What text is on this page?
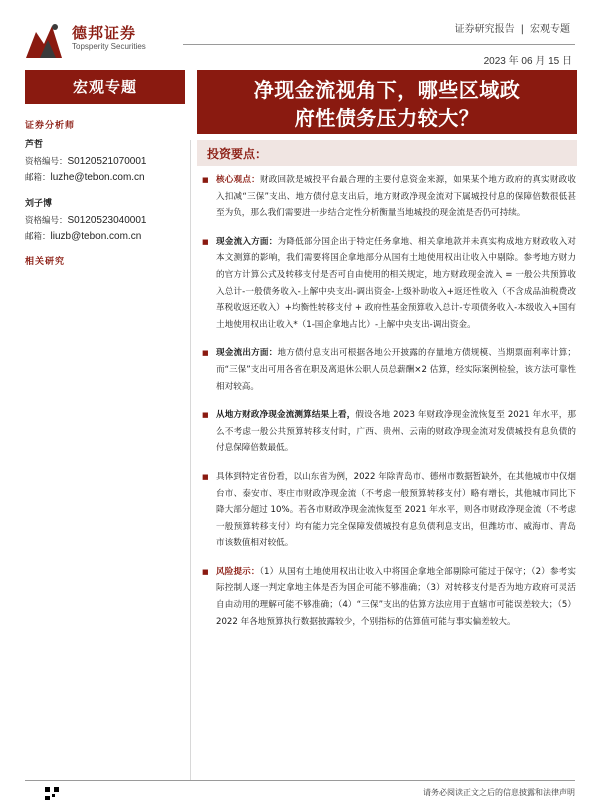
德邦证券
Topsperity Securities
证券研究报告 | 宏观专题
2023 年 06 月 15 日
宏观专题	净现金流视角下，哪些区域政
府性债务压力较大？
证券分析师
芦哲
资格编号：S0120521070001
邮箱：luzhe@tebon.com.cn
刘子博
资格编号：S0120523040001
邮箱：liuzb@tebon.com.cn
相关研究
投资要点：
■ 核心观点：财政回款是城投平台最合理的主要付息资金来源，如果某个地方政府的真实财政收入扣减“三保”支出、地方债付息支出后，地方财政净现金流对下属城投付息的保障倍数很低甚至为负，那么我们需要进一步结合定性分析衡量当地城投的现金流是否仍可持续。
■ 现金流入方面：为降低部分国企出于特定任务拿地、相关拿地款并未真实构成地方财政收入对本文测算的影响，我们需要将国企拿地部分从国有土地使用权出让收入中剔除。参考地方财力的官方计算公式及转移支付是否可自由使用的相关规定，地方财政现金流入 = 一般公共预算收入总计-一般债务收入-上解中央支出-调出资金-上级补助收入+返还性收入（不含成品油税费改革税收返还收入）+均衡性转移支付 + 政府性基金预算收入总计-专项债务收入-本级收入+国有土地使用权出让收入*（1-国企拿地占比）-上解中央支出-调出资金。
■ 现金流出方面：地方债付息支出可根据各地公开披露的存量地方债规模、当期票面利率计算；而“三保”支出可用各省在职及离退休公职人员总薪酬×2 估算，经实际案例检验，该方法可靠性相对较高。
■ 从地方财政净现金流测算结果上看，假设各地 2023 年财政净现金流恢复至 2021 年水平，那么不考虑一般公共预算转移支付时，广西、贵州、云南的财政净现金流对发债城投有息负债的付息保障倍数最低。
■ 具体到特定省份看，以山东省为例，2022 年除青岛市、德州市数据暂缺外，在其他城市中仅烟台市、泰安市、枣庄市财政净现金流（不考虑一般预算转移支付）略有增长，其他城市同比下降大部分超过 10%。若各市财政净现金流恢复至 2021 年水平，则各市财政净现金流（不考虑一般预算转移支付）均有能力完全保障发债城投有息负债利息支出，但潍坊市、威海市、青岛市该数值相对较低。
■ 风险提示：（1）从国有土地使用权出让收入中将国企拿地全部剔除可能过于保守；（2）参考实际控制人逐一判定拿地主体是否为国企可能不够准确；（3）对转移支付是否为地方政府可灵活自由动用的理解可能不够准确；（4）“三保”支出的估算方法应用于直辖市可能误差较大；（5）2022 年各地预算执行数据披露较少，个别指标的估算值可能与事实偏差较大。
请务必阅读正文之后的信息披露和法律声明
